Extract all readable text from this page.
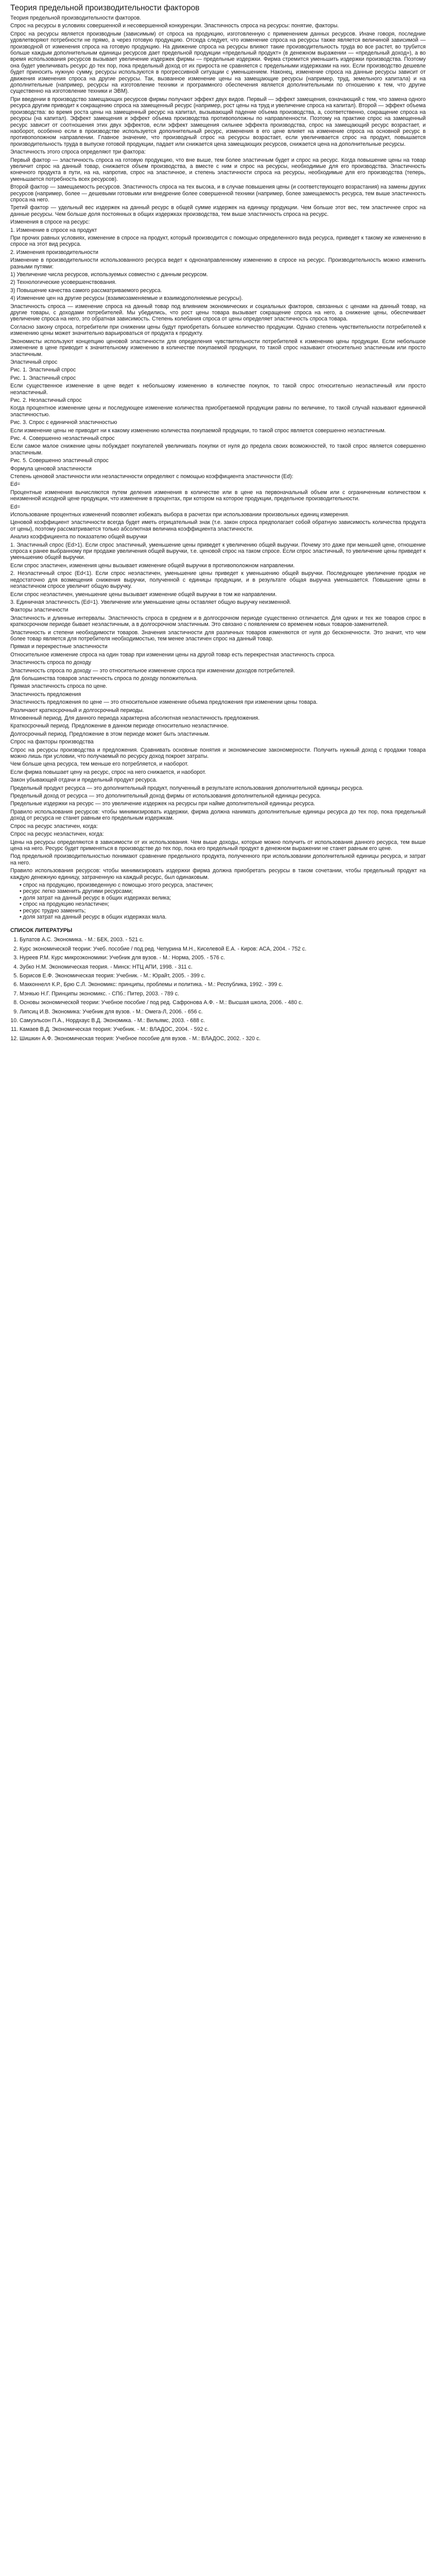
Теория предельной производительности факторов

Теория предельной производительности факторов.

Спрос на ресурсы в условиях совершенной и несовершенной конкуренции. Эластичность спроса на ресурсы: понятие, факторы.

Спрос на ресурсы является производным (зависимым) от спроса на продукцию, изготовленную с применением данных ресурсов. Иначе говоря, последние удовлетворяют потребности не прямо, а через готовую продукцию. Отсюда следует, что изменение спроса на ресурсы также является величиной зависимой — производной от изменения спроса на готовую продукцию. На движение спроса на ресурсы влияют такие производительность труда во все растет, во трубится больше каждым дополнительным единицы ресурсов дает предельной продукции «предельный продукт» (в денежном выражении — «предельный доход»), а во время использования ресурсов вызывает увеличение издержек фирмы — предельные издержки. Фирма стремится уменьшить издержки производства. Поэтому она будет увеличивать ресурс до тех пор, пока предельный доход от их прироста не сравняется с предельными издержками на них. Если производство дешевле будет приносить нужную сумму, ресурсы используются в прогрессивной ситуации с уменьшением. Наконец, изменение спроса на данные ресурсы зависит от движения изменения спроса на другие ресурсы. Так, вызванное изменение цены на замещающие ресурсы (например, труд, земельного капитала) и на дополнительные (например, ресурсы на изготовление техники и программного обеспечения является дополнительными по отношению к тем, что другие существенно на изготовление техники и ЭВМ).

При введении в производство замещающих ресурсов фирмы получают эффект двух видов. Первый — эффект замещения, означающий с тем, что замена одного ресурса другим приводит к сокращению спроса на замещенный ресурс (например, рост цены на труд и увеличение спроса на капитал). Второй — эффект объема производства: во время роста цены на замещенный ресурс на капитал, вызывающий падение объема производства, а, соответственно, сокращение спроса на ресурсы (на капитал). Эффект замещения и эффект объема производства противоположны по направленности. Поэтому на практике спрос на замещенный ресурс зависит от соотношения этих двух эффектов, если эффект замещения сильнее эффекта производства, спрос на замещающий ресурс возрастает, и наоборот, особенно если в производстве используется дополнительный ресурс, изменения в его цене влияет на изменение спроса на основной ресурс в противоположном направлении. Главное значение, что производный спрос на ресурсы возрастает, если увеличивается спрос на продукт, повышается производительность труда в выпуске готовой продукции, падает или снижается цена замещающих ресурсов, снижается цена на дополнительные ресурсы.

Эластичность этого спроса определяют три фактора:

Первый фактор — эластичность спроса на готовую продукцию, что вне выше, тем более эластичным будет и спрос на ресурс. Когда повышение цены на товар увеличит спрос на данный товар, снижается объем производства, а вместе с ним и спрос на ресурсы, необходимые для его производства. Эластичность конечного продукта в пути, на на, напротив, спрос на эластичное, и степень эластичности спроса на ресурсы, необходимые для его производства (теперь, уменьшается потребность всех ресурсов).

Второй фактор — замещаемость ресурсов. Эластичность спроса на тех высока, и в случае повышения цены (и соответствующего возрастания) на замены других ресурсов (например, более — дешевыми готовыми или внедрение более совершенной техники (например, более замещаемость ресурса, тем выше эластичность спроса на него.

Третий фактор — удельный вес издержек на данный ресурс в общей сумме издержек на единицу продукции. Чем больше этот вес, тем эластичнее спрос на данные ресурсы. Чем больше доля постоянных в общих издержках производства, тем выше эластичность спроса на ресурс.

Изменения в спросе на ресурс:

1. Изменение в спросе на продукт

При прочих равных условиях, изменение в спросе на продукт, который производится с помощью определенного вида ресурса, приведет к такому же изменению в спросе на этот вид ресурса.

2. Изменения производительности

Изменение в производительности использованного ресурса ведет к однонаправленному изменению в спросе на ресурс. Производительность можно изменить разными путями:

1) Увеличение числа ресурсов, используемых совместно с данным ресурсом.

2) Технологические усовершенствования.

3) Повышение качества самого рассматриваемого ресурса.

4) Изменение цен на другие ресурсы (взаимозаменяемые и взаимодополняемые ресурсы).

Эластичность спроса — изменение спроса на данный товар под влиянием экономических и социальных факторов, связанных с ценами на данный товар, на другие товары, с доходами потребителей. Мы убедились, что рост цены товара вызывает сокращение спроса на него, а снижение цены, обеспечивает увеличение спроса на него, это обратная зависимость. Степень колебания спроса от цены определяет эластичность спроса товара.

Согласно закону спроса, потребители при снижении цены будут приобретать большее количество продукции. Однако степень чувствительности потребителей к изменению цены может значительно варьироваться от продукта к продукту.

Экономисты используют концепцию ценовой эластичности для определения чувствительности потребителей к изменению цены продукции. Если небольшое изменение в цене приводит к значительному изменению в количестве покупаемой продукции, то такой спрос называют относительно эластичным или просто эластичным.

Эластичный спрос

Рис. 1. Эластичный спрос

Рис. 1. Эластичный спрос

Если существенное изменение в цене ведет к небольшому изменению в количестве покупок, то такой спрос относительно неэластичный или просто неэластичный.

Рис. 2. Неэластичный спрос

Когда процентное изменение цены и последующее изменение количества приобретаемой продукции равны по величине, то такой случай называют единичной эластичностью.

Рис. 3. Спрос с единичной эластичностью

Если изменение цены не приводит ни к какому изменению количества покупаемой продукции, то такой спрос является совершенно неэластичным.

Рис. 4. Совершенно неэластичный спрос

Если самое малое снижение цены побуждает покупателей увеличивать покупки от нуля до предела своих возможностей, то такой спрос является совершенно эластичным.

Рис. 5. Совершенно эластичный спрос

Формула ценовой эластичности

Степень ценовой эластичности или неэластичности определяют с помощью коэффициента эластичности (Ed):

Ed=

Процентные изменения вычисляются путем деления изменения в количестве или в цене на первоначальный объем или с ограниченным количеством к неизменной исходной цене продукции, что изменение в процентах, при котором на которое продукции, предельное производительности.

Ed=

Использование процентных изменений позволяет избежать выбора в расчетах при использовании произвольных единиц измерения.

Ценовой коэффициент эластичности всегда будет иметь отрицательный знак (т.е. закон спроса предполагает собой обратную зависимость количества продукта от цены), поэтому рассматривается только абсолютная величина коэффициента эластичности.

Анализ коэффициента по показателю общей выручки

1. Эластичный спрос (Ed>1). Если спрос эластичный, уменьшение цены приведет к увеличению общей выручки. Почему это даже при меньшей цене, отношение спроса к ранее выбранному при продаже увеличения общей выручки, т.е. ценовой спрос на таком спросе. Если спрос эластичный, то увеличение цены приведет к уменьшению общей выручки.

Если спрос эластичен, изменения цены вызывает изменение общей выручки в противоположном направлении.

2. Неэластичный спрос (Ed<1). Если спрос неэластичен, уменьшение цены приведет к уменьшению общей выручки. Последующее увеличение продаж не недостаточно для возмещения снижения выручки, полученной с единицы продукции, и в результате общая выручка уменьшается. Повышение цены в неэластичном спросе увеличит общую выручку.

Если спрос неэластичен, уменьшение цены вызывает изменение общей выручки в том же направлении.

3. Единичная эластичность (Ed=1). Увеличение или уменьшение цены оставляет общую выручку неизменной.

Факторы эластичности

Эластичность и длинные интервалы. Эластичность спроса в среднем и в долгосрочном периоде существенно отличается. Для одних и тех же товаров спрос в краткосрочном периоде бывает неэластичным, а в долгосрочном эластичным. Это связано с появлением со временем новых товаров-заменителей.

Эластичность и степени необходимости товаров. Значения эластичности для различных товаров изменяются от нуля до бесконечности. Это значит, что чем более товар является для потребителя необходимостью, тем менее эластичен спрос на данный товар.

Прямая и перекрестные эластичности

Относительное изменение спроса на один товар при изменении цены на другой товар есть перекрестная эластичность спроса.

Эластичность спроса по доходу

Эластичность спроса по доходу — это относительное изменение спроса при изменении доходов потребителей.

Для большинства товаров эластичность спроса по доходу положительна.

Прямая эластичность спроса по цене.

Эластичность предложения

Эластичность предложения по цене — это относительное изменение объема предложения при изменении цены товара.

Различают краткосрочный и долгосрочный периоды.

Мгновенный период. Для данного периода характерна абсолютная неэластичность предложения.

Краткосрочный период. Предложение в данном периоде относительно неэластичное.

Долгосрочный период. Предложение в этом периоде может быть эластичным.

Спрос на факторы производства

Спрос на ресурсы производства и предложения. Сравнивать основные понятия и экономические закономерности. Получить нужный доход с продажи товара можно лишь при условии, что получаемый по ресурсу доход покроет затраты.

Чем больше цена ресурса, тем меньше его потребляется, и наоборот.

Если фирма повышает цену на ресурс, спрос на него снижается, и наоборот.

Закон убывающей отдачи и предельный продукт ресурса.

Предельный продукт ресурса — это дополнительный продукт, полученный в результате использования дополнительной единицы ресурса.

Предельный доход от ресурса — это дополнительный доход фирмы от использования дополнительной единицы ресурса.

Предельные издержки на ресурс — это увеличение издержек на ресурсы при найме дополнительной единицы ресурса.

Правило использования ресурсов: чтобы минимизировать издержки, фирма должна нанимать дополнительные единицы ресурса до тех пор, пока предельный доход от ресурса не станет равным его предельным издержкам.

Спрос на ресурс эластичен, когда:

Спрос на ресурс неэластичен, когда:

Цены на ресурсы определяются в зависимости от их использования. Чем выше доходы, которые можно получить от использования данного ресурса, тем выше цена на него. Ресурс будет применяться в производстве до тех пор, пока его предельный продукт в денежном выражении не станет равным его цене.

Под предельной производительностью понимают сравнение предельного продукта, полученного при использовании дополнительной единицы ресурса, и затрат на него.

Правило использования ресурсов: чтобы минимизировать издержки фирма должна приобретать ресурсы в таком сочетании, чтобы предельный продукт на каждую денежную единицу, затраченную на каждый ресурс, был одинаковым.

• спрос на продукцию, произведенную с помощью этого ресурса, эластичен;
• ресурс легко заменить другими ресурсами;
• доля затрат на данный ресурс в общих издержках велика;
• спрос на продукцию неэластичен;
• ресурс трудно заменить;
• доля затрат на данный ресурс в общих издержках мала.
СПИСОК ЛИТЕРАТУРЫ
1. Булатов А.С. Экономика. - М.: БЕК, 2003. - 521 с.
2. Курс экономической теории: Учеб. пособие / под ред. Чепурина М.Н., Киселевой Е.А. - Киров: АСА, 2004. - 752 с.
3. Нуреев Р.М. Курс микроэкономики: Учебник для вузов. - М.: Норма, 2005. - 576 с.
4. Зубко Н.М. Экономическая теория. - Минск: НТЦ АПИ, 1998. - 311 с.
5. Борисов Е.Ф. Экономическая теория: Учебник. - М.: Юрайт, 2005. - 399 с.
6. Макконнелл К.Р., Брю С.Л. Экономикс: принципы, проблемы и политика. - М.: Республика, 1992. - 399 с.
7. Мэнкью Н.Г. Принципы экономикс. - СПб.: Питер, 2003. - 789 с.
8. Основы экономической теории: Учебное пособие / под ред. Сафронова А.Ф. - М.: Высшая школа, 2006. - 480 с.
9. Липсиц И.В. Экономика: Учебник для вузов. - М.: Омега-Л, 2006. - 656 с.
10. Самуэльсон П.А., Нордхаус В.Д. Экономика. - М.: Вильямс, 2003. - 688 с.
11. Камаев В.Д. Экономическая теория: Учебник. - М.: ВЛАДОС, 2004. - 592 с.
12. Шишкин А.Ф. Экономическая теория: Учебное пособие для вузов. - М.: ВЛАДОС, 2002. - 320 с.
